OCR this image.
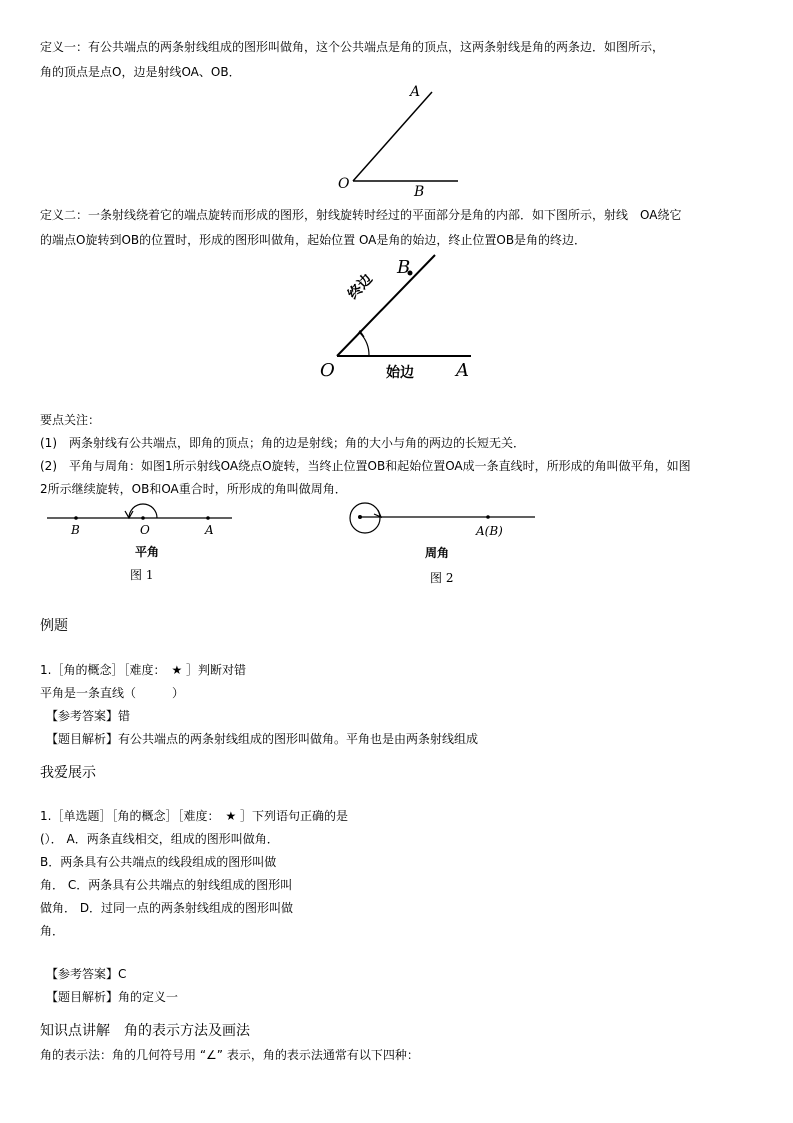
定义一：有公共端点的两条射线组成的图形叫做角，这个公共端点是角的顶点，这两条射线是角的两条边．如图所示，
角的顶点是点O，边是射线OA、OB．
A
O	B
定义二：一条射线绕着它的端点旋转而形成的图形，射线旋转时经过的平面部分是角的内部．如下图所示，射线　OA绕它
的端点O旋转到OB的位置时，形成的图形叫做角，起始位置 OA是角的始边，终止位置OB是角的终边．
B
O	A
终边
始边
要点关注：
(1)　两条射线有公共端点，即角的顶点；角的边是射线；角的大小与角的两边的长短无关．
(2)　平角与周角：如图1所示射线OA绕点O旋转，当终止位置OB和起始位置OA成一条直线时，所形成的角叫做平角，如图
2所示继续旋转，OB和OA重合时，所形成的角叫做周角．
B	O	A
平角
图 1
A(B)
周角
图 2
例题
1.［角的概念］［难度：　★ ］判断对错
平角是一条直线（　　　）
【参考答案】错
【题目解析】有公共端点的两条射线组成的图形叫做角。平角也是由两条射线组成
我爱展示
1.［单选题］［角的概念］［难度：　★ ］下列语句正确的是
(）． A．两条直线相交，组成的图形叫做角．
B．两条具有公共端点的线段组成的图形叫做
角． C．两条具有公共端点的射线组成的图形叫
做角． D．过同一点的两条射线组成的图形叫做
角．
【参考答案】C
【题目解析】角的定义一
知识点讲解　角的表示方法及画法
角的表示法：角的几何符号用 “∠” 表示，角的表示法通常有以下四种：
